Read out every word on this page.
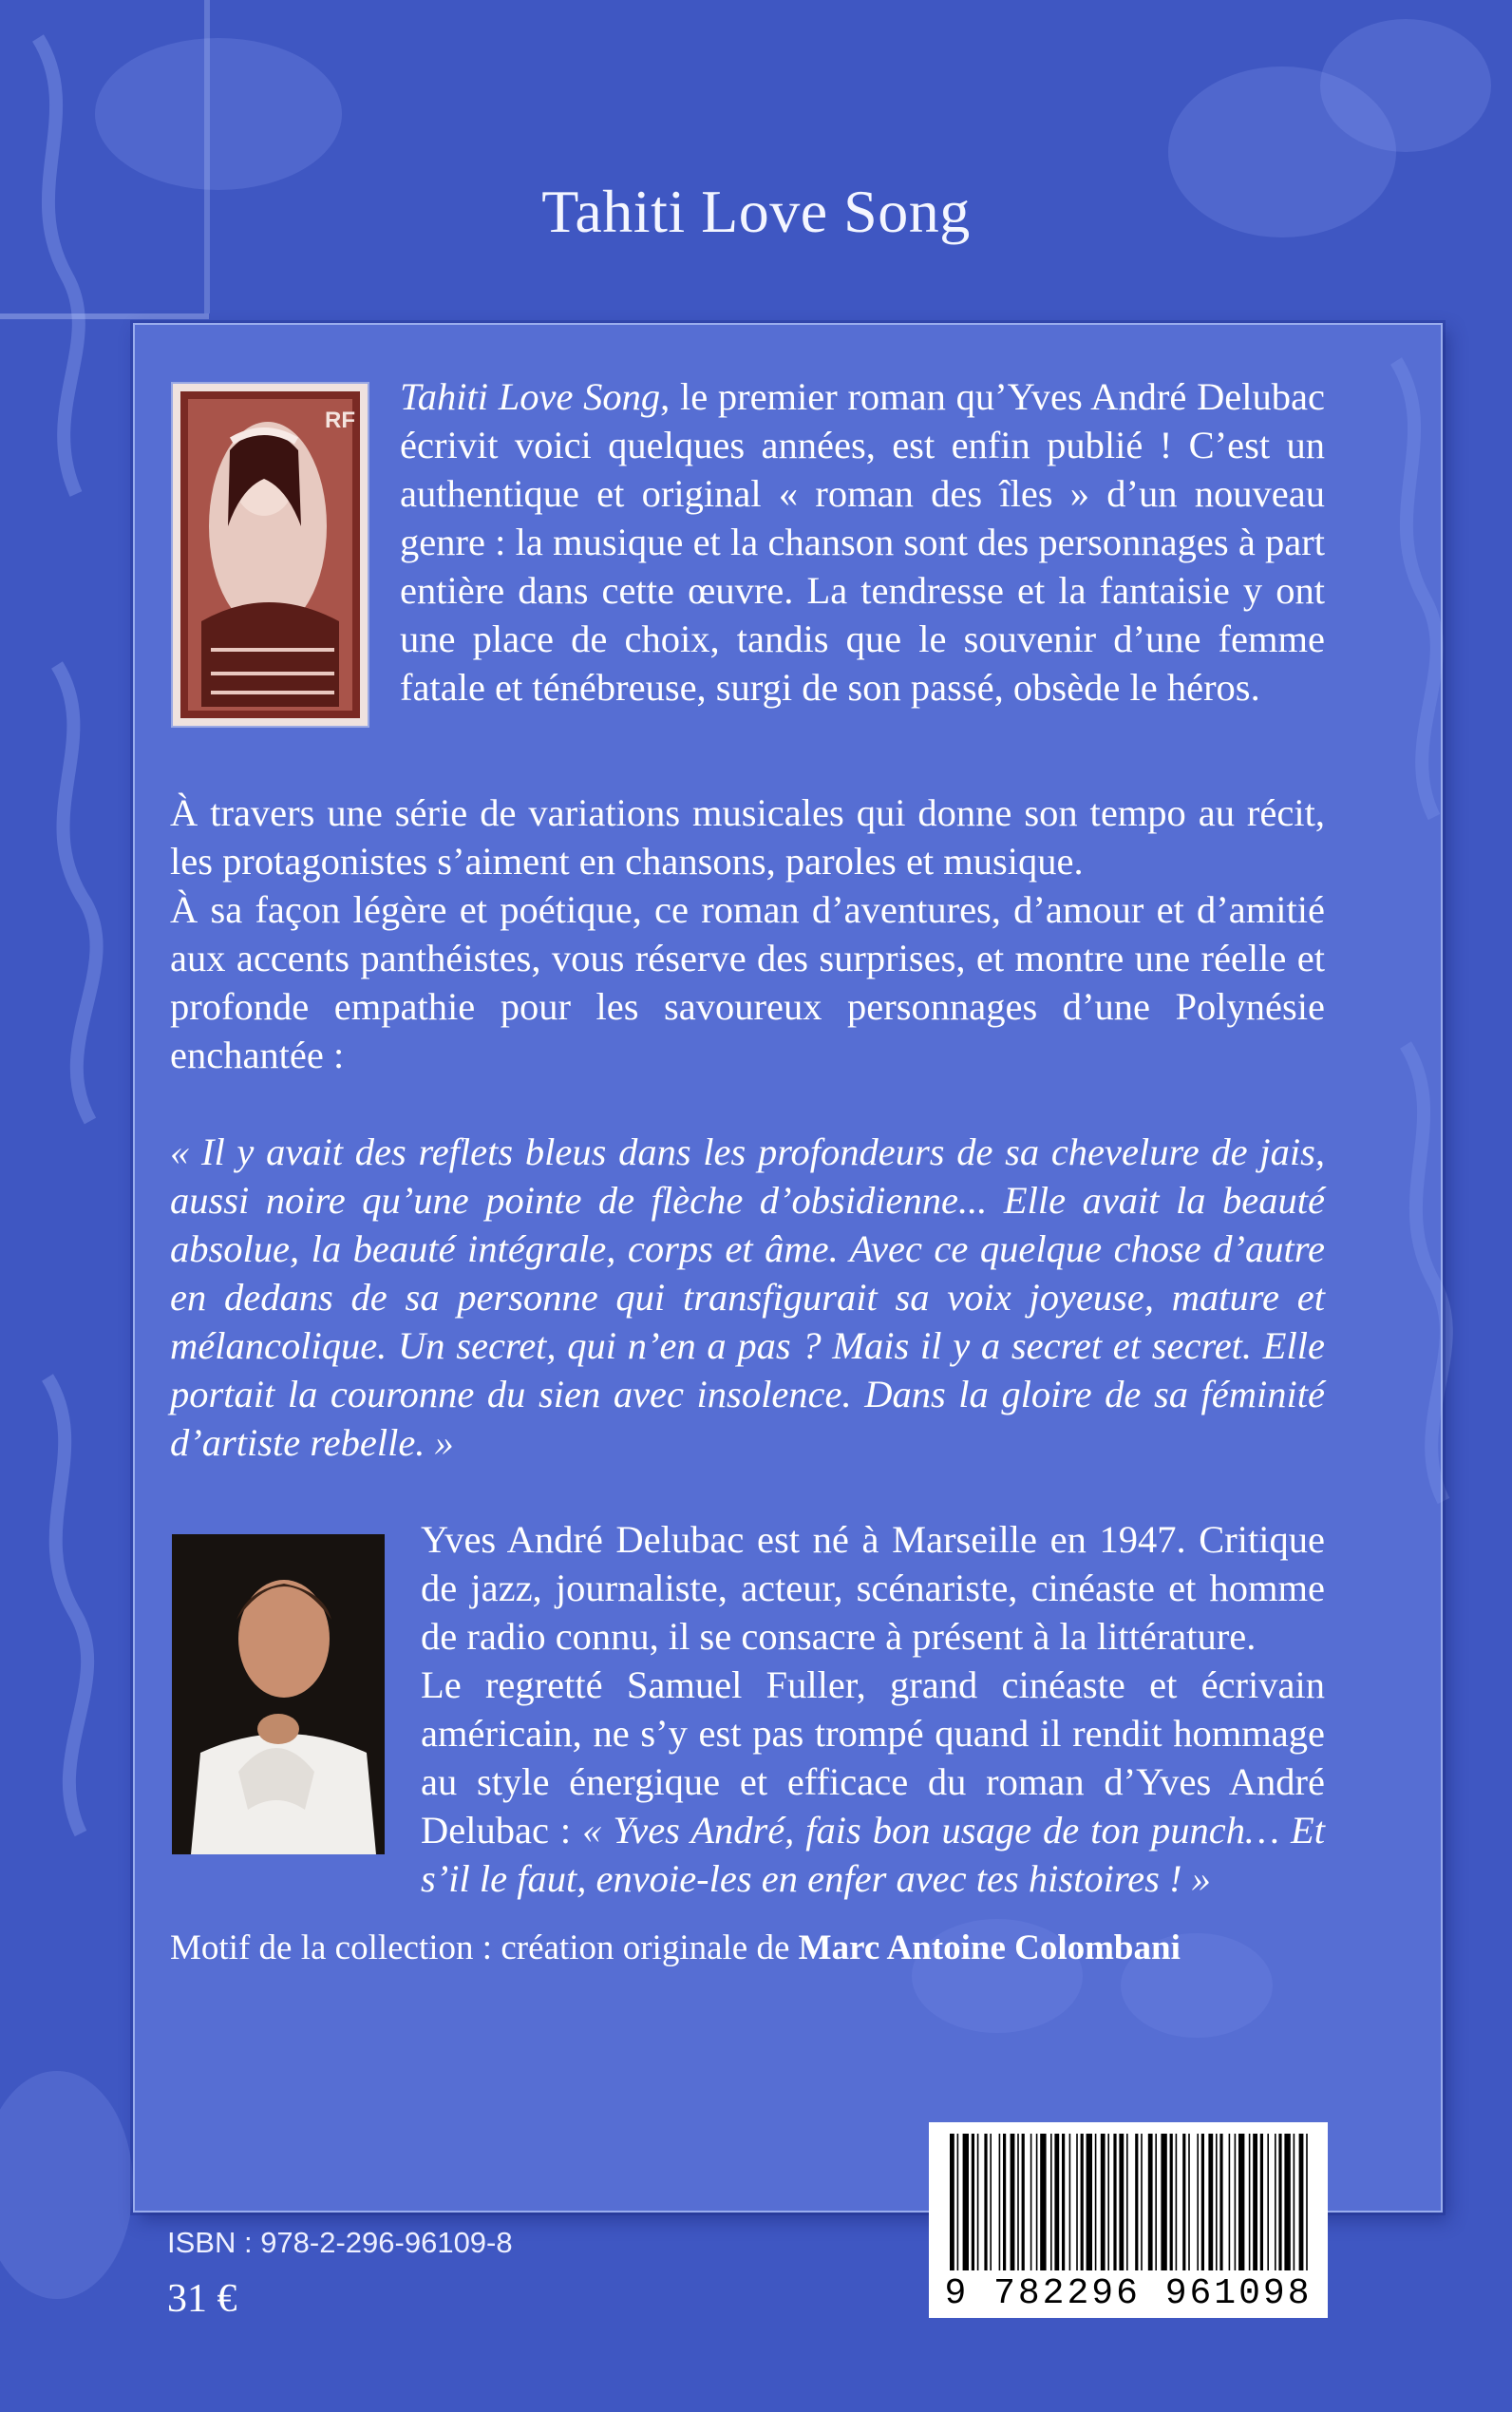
Tahiti Love Song
RF

Tahiti Love Song, le premier roman qu’Yves André Delubac écrivit voici quelques années, est enfin publié ! C’est un authentique et original « roman des îles » d’un nouveau genre : la musique et la chanson sont des personnages à part entière dans cette œuvre. La tendresse et la fantaisie y ont une place de choix, tandis que le souvenir d’une femme fatale et ténébreuse, surgi de son passé, obsède le héros.

À travers une série de variations musicales qui donne son tempo au récit, les protagonistes s’aiment en chansons, paroles et musique.

À sa façon légère et poétique, ce roman d’aventures, d’amour et d’amitié aux accents panthéistes, vous réserve des surprises, et montre une réelle et profonde empathie pour les savoureux personnages d’une Polynésie enchantée :

« Il y avait des reflets bleus dans les profondeurs de sa chevelure de jais, aussi noire qu’une pointe de flèche d’obsidienne... Elle avait la beauté absolue, la beauté intégrale, corps et âme. Avec ce quelque chose d’autre en dedans de sa personne qui transfigurait sa voix joyeuse, mature et mélancolique. Un secret, qui n’en a pas ? Mais il y a secret et secret. Elle portait la couronne du sien avec insolence. Dans la gloire de sa féminité d’artiste rebelle. »

Yves André Delubac est né à Marseille en 1947. Critique de jazz, journaliste, acteur, scénariste, cinéaste et homme de radio connu, il se consacre à présent à la littérature.

Le regretté Samuel Fuller, grand cinéaste et écrivain américain, ne s’y est pas trompé quand il rendit hommage au style énergique et efficace du roman d’Yves André Delubac : « Yves André, fais bon usage de ton punch… Et s’il le faut, envoie-les en enfer avec tes histoires ! »

Motif de la collection : création originale de Marc Antoine Colombani

ISBN : 978-2-296-96109-8
31 €	9 782296 961098
